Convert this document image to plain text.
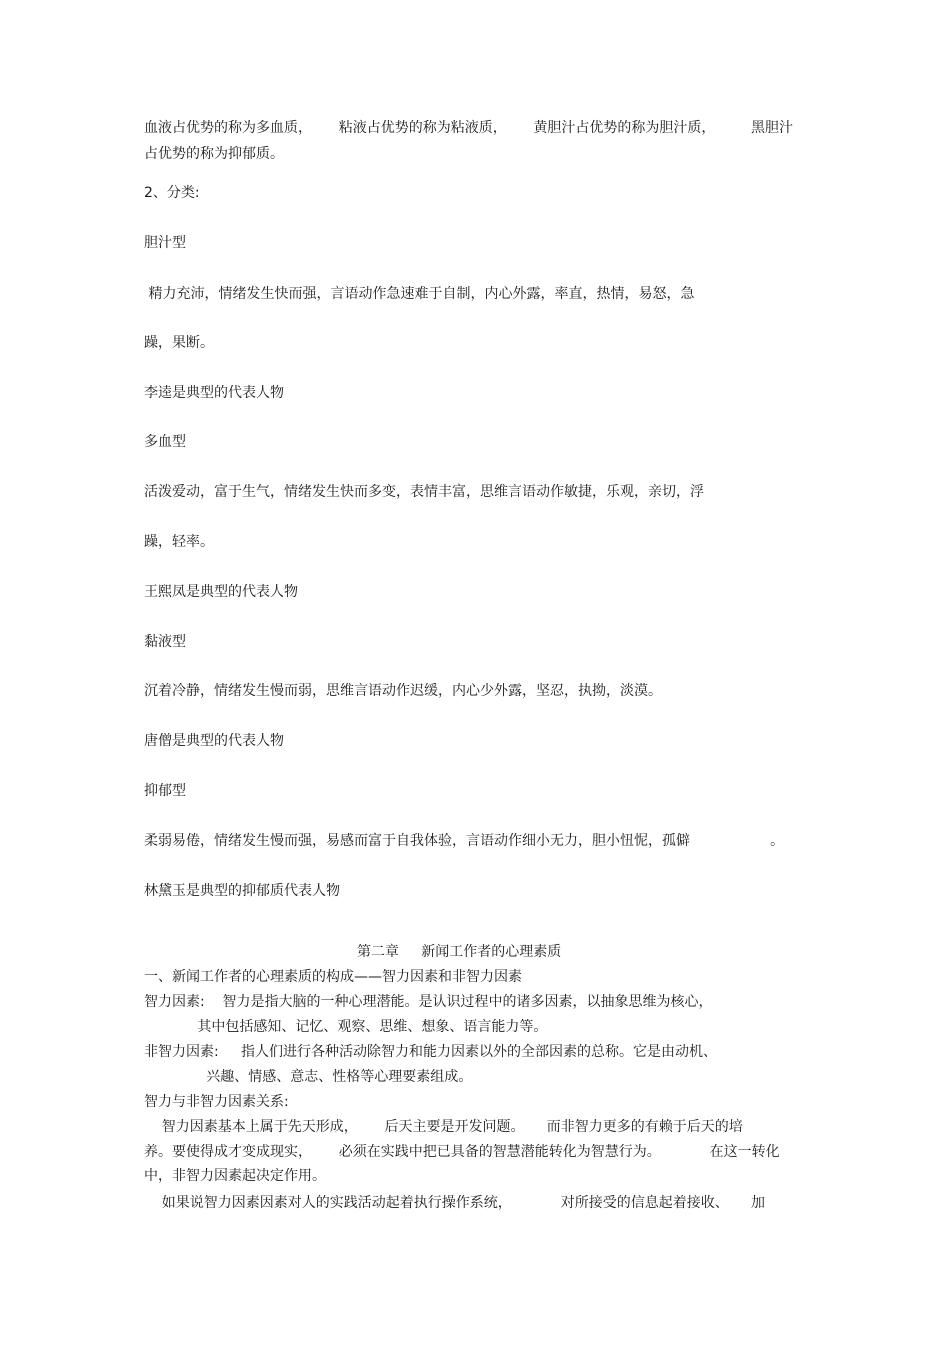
血液占优势的称为多血质，      粘液占优势的称为粘液质，      黄胆汁占优势的称为胆汁质，        黑胆汁

占优势的称为抑郁质。

2、分类:

胆汁型

精力充沛，情绪发生快而强，言语动作急速难于自制，内心外露，率直，热情，易怒，急

躁，果断。

李逵是典型的代表人物

多血型

活泼爱动，富于生气，情绪发生快而多变，表情丰富，思维言语动作敏捷，乐观，亲切，浮

躁，轻率。

王熙凤是典型的代表人物

黏液型

沉着冷静，情绪发生慢而弱，思维言语动作迟缓，内心少外露，坚忍，执拗，淡漠。

唐僧是典型的代表人物

抑郁型

柔弱易倦，情绪发生慢而强，易感而富于自我体验，言语动作细小无力，胆小忸怩，孤僻                  。

林黛玉是典型的抑郁质代表人物

第二章     新闻工作者的心理素质

一、新闻工作者的心理素质的构成——智力因素和非智力因素

智力因素:    智力是指大脑的一种心理潜能。是认识过程中的诸多因素，以抽象思维为核心，

其中包括感知、记忆、观察、思维、想象、语言能力等。

非智力因素:     指人们进行各种活动除智力和能力因素以外的全部因素的总称。它是由动机、

兴趣、情感、意志、性格等心理要素组成。

智力与非智力因素关系:

智力因素基本上属于先天形成，      后天主要是开发问题。     而非智力更多的有赖于后天的培

养。要使得成才变成现实，      必须在实践中把已具备的智慧潜能转化为智慧行为。           在这一转化

中，非智力因素起决定作用。

如果说智力因素因素对人的实践活动起着执行操作系统，           对所接受的信息起着接收、     加
